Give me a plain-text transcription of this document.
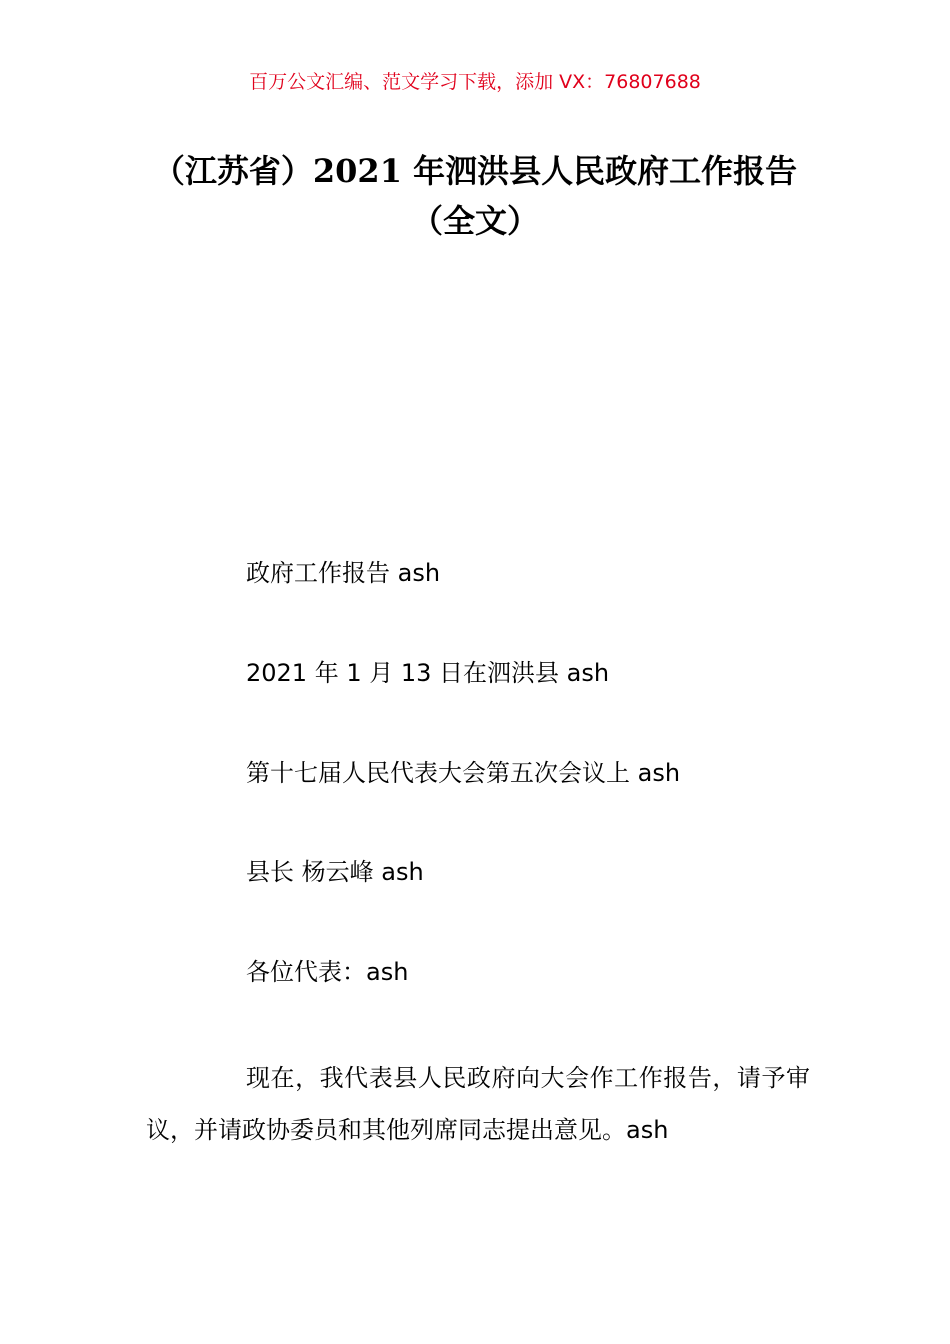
百万公文汇编、范文学习下载，添加 VX：76807688
（江苏省）2021 年泗洪县人民政府工作报告（全文）
政府工作报告 ash
2021 年 1 月 13 日在泗洪县 ash
第十七届人民代表大会第五次会议上 ash
县长 杨云峰 ash
各位代表：ash
现在，我代表县人民政府向大会作工作报告，请予审议，并请政协委员和其他列席同志提出意见。ash
